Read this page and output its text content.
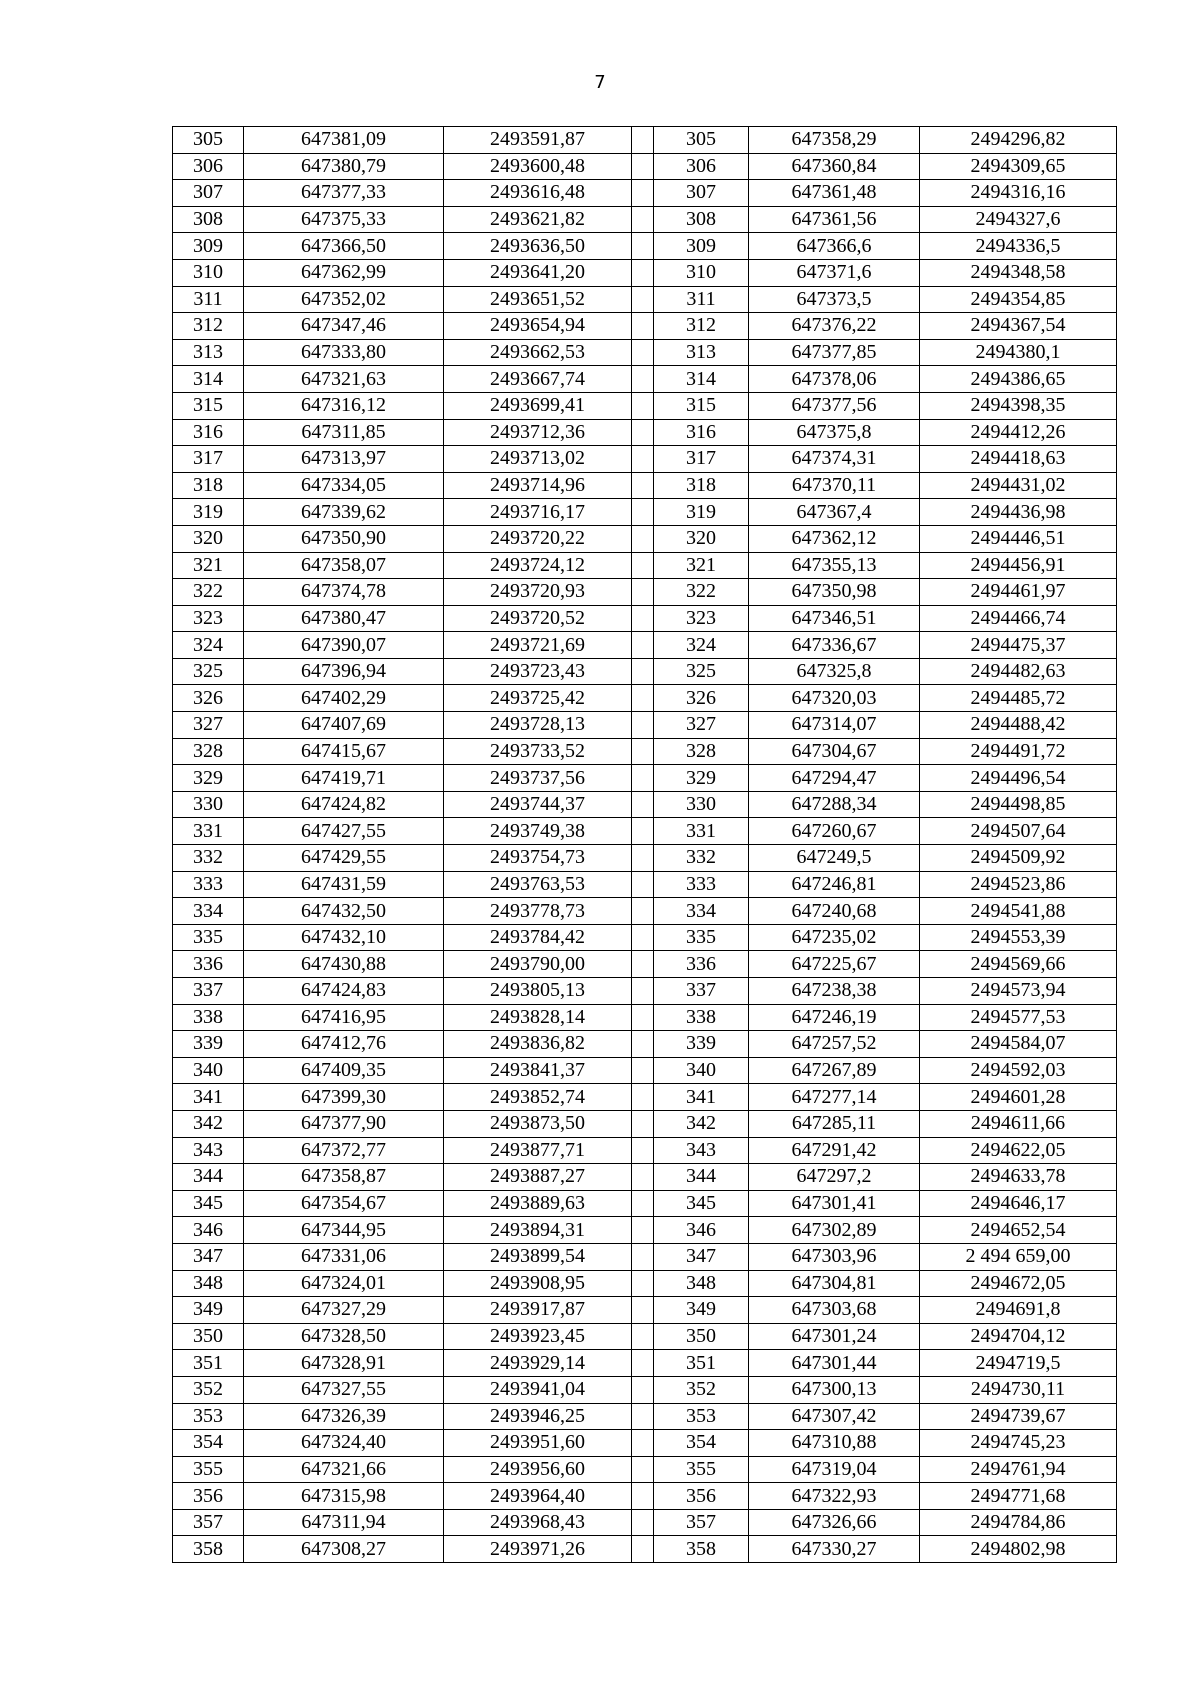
7
305	647381,09	2493591,87		305	647358,29	2494296,82
306	647380,79	2493600,48		306	647360,84	2494309,65
307	647377,33	2493616,48		307	647361,48	2494316,16
308	647375,33	2493621,82		308	647361,56	2494327,6
309	647366,50	2493636,50		309	647366,6	2494336,5
310	647362,99	2493641,20		310	647371,6	2494348,58
311	647352,02	2493651,52		311	647373,5	2494354,85
312	647347,46	2493654,94		312	647376,22	2494367,54
313	647333,80	2493662,53		313	647377,85	2494380,1
314	647321,63	2493667,74		314	647378,06	2494386,65
315	647316,12	2493699,41		315	647377,56	2494398,35
316	647311,85	2493712,36		316	647375,8	2494412,26
317	647313,97	2493713,02		317	647374,31	2494418,63
318	647334,05	2493714,96		318	647370,11	2494431,02
319	647339,62	2493716,17		319	647367,4	2494436,98
320	647350,90	2493720,22		320	647362,12	2494446,51
321	647358,07	2493724,12		321	647355,13	2494456,91
322	647374,78	2493720,93		322	647350,98	2494461,97
323	647380,47	2493720,52		323	647346,51	2494466,74
324	647390,07	2493721,69		324	647336,67	2494475,37
325	647396,94	2493723,43		325	647325,8	2494482,63
326	647402,29	2493725,42		326	647320,03	2494485,72
327	647407,69	2493728,13		327	647314,07	2494488,42
328	647415,67	2493733,52		328	647304,67	2494491,72
329	647419,71	2493737,56		329	647294,47	2494496,54
330	647424,82	2493744,37		330	647288,34	2494498,85
331	647427,55	2493749,38		331	647260,67	2494507,64
332	647429,55	2493754,73		332	647249,5	2494509,92
333	647431,59	2493763,53		333	647246,81	2494523,86
334	647432,50	2493778,73		334	647240,68	2494541,88
335	647432,10	2493784,42		335	647235,02	2494553,39
336	647430,88	2493790,00		336	647225,67	2494569,66
337	647424,83	2493805,13		337	647238,38	2494573,94
338	647416,95	2493828,14		338	647246,19	2494577,53
339	647412,76	2493836,82		339	647257,52	2494584,07
340	647409,35	2493841,37		340	647267,89	2494592,03
341	647399,30	2493852,74		341	647277,14	2494601,28
342	647377,90	2493873,50		342	647285,11	2494611,66
343	647372,77	2493877,71		343	647291,42	2494622,05
344	647358,87	2493887,27		344	647297,2	2494633,78
345	647354,67	2493889,63		345	647301,41	2494646,17
346	647344,95	2493894,31		346	647302,89	2494652,54
347	647331,06	2493899,54		347	647303,96	2 494 659,00
348	647324,01	2493908,95		348	647304,81	2494672,05
349	647327,29	2493917,87		349	647303,68	2494691,8
350	647328,50	2493923,45		350	647301,24	2494704,12
351	647328,91	2493929,14		351	647301,44	2494719,5
352	647327,55	2493941,04		352	647300,13	2494730,11
353	647326,39	2493946,25		353	647307,42	2494739,67
354	647324,40	2493951,60		354	647310,88	2494745,23
355	647321,66	2493956,60		355	647319,04	2494761,94
356	647315,98	2493964,40		356	647322,93	2494771,68
357	647311,94	2493968,43		357	647326,66	2494784,86
358	647308,27	2493971,26		358	647330,27	2494802,98
